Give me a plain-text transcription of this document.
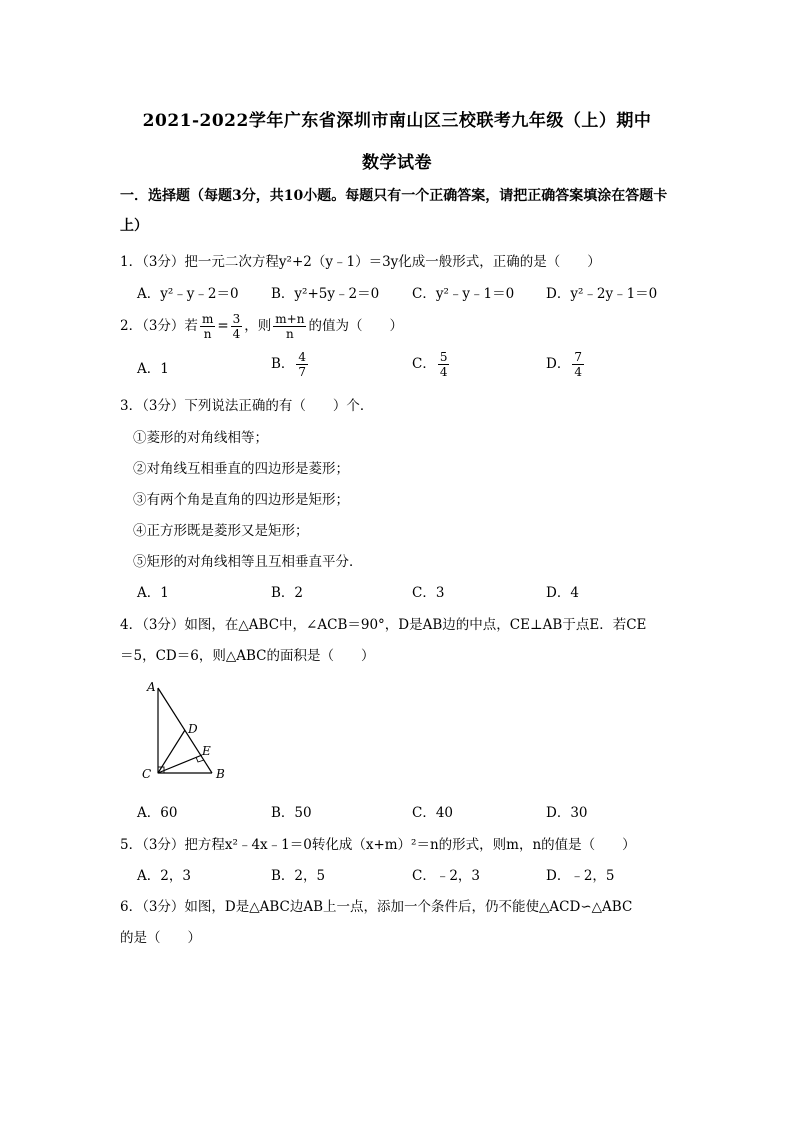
2021-2022学年广东省深圳市南山区三校联考九年级（上）期中
数学试卷
一．选择题（每题3分，共10小题。每题只有一个正确答案，请把正确答案填涂在答题卡
上）
1．（3分）把一元二次方程y²+2（y﹣1）＝3y化成一般形式，正确的是（　　）
A．y²﹣y﹣2＝0 B．y²+5y﹣2＝0 C．y²﹣y﹣1＝0 D．y²﹣2y﹣1＝0
2．（3分）若 $\frac{m}{n} = \frac{3}{4}$ ，则 $\frac{m+n}{n}$ 的值为（　　）
A．1	B． $\frac{4}{7}$	C． $\frac{5}{4}$	D． $\frac{7}{4}$
3．（3分）下列说法正确的有（　　）个．
①菱形的对角线相等；
②对角线互相垂直的四边形是菱形；
③有两个角是直角的四边形是矩形；
④正方形既是菱形又是矩形；
⑤矩形的对角线相等且互相垂直平分．
A．1	B．2	C．3	D．4
4．（3分）如图，在△ABC中，∠ACB＝90°，D是AB边的中点，CE⊥AB于点E．若CE
＝5，CD＝6，则△ABC的面积是（　　）
A
D
E
C	B
A．60	B．50	C．40	D．30
5．（3分）把方程x²﹣4x﹣1＝0转化成（x+m）²＝n的形式，则m，n的值是（　　）
A．2，3	B．2，5	C．﹣2，3	D．﹣2，5
6．（3分）如图，D是△ABC边AB上一点，添加一个条件后，仍不能使△ACD∽△ABC
的是（　　）
